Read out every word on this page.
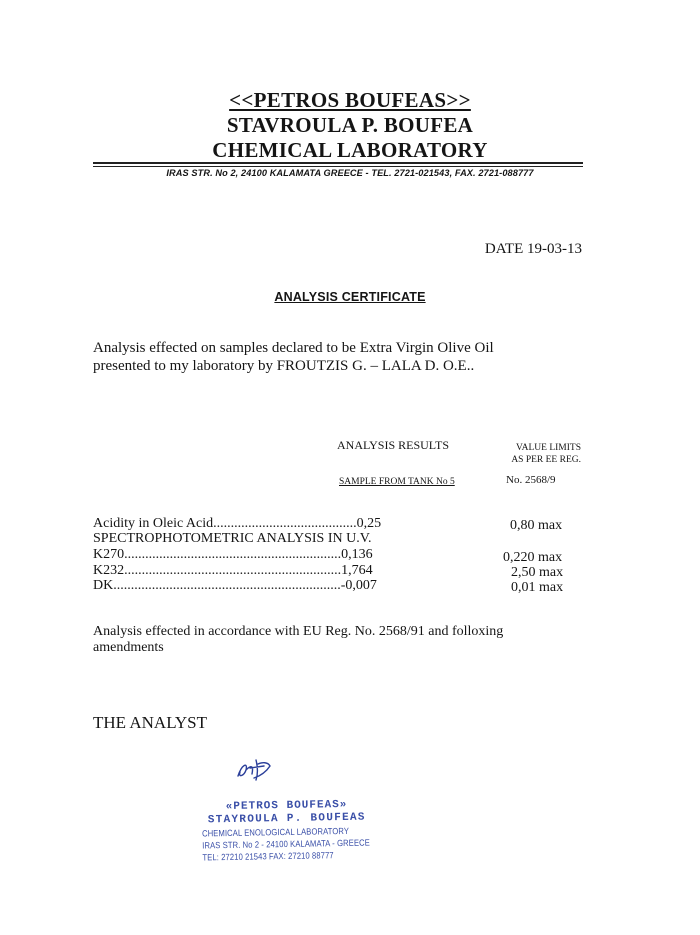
<<PETROS BOUFEAS>>
STAVROULA P. BOUFEA
CHEMICAL LABORATORY
IRAS STR. No 2, 24100 KALAMATA GREECE - TEL. 2721-021543, FAX. 2721-088777
DATE 19-03-13
ANALYSIS CERTIFICATE
Analysis effected on samples declared to be Extra Virgin Olive Oil
presented to my laboratory by FROUTZIS G. – LALA D. O.E..
ANALYSIS RESULTS	VALUE LIMITS
AS PER EE REG.
SAMPLE FROM TANK No 5	No. 2568/9
Acidity in Oleic Acid.........................................0,25	0,80 max
SPECTROPHOTOMETRIC ANALYSIS IN U.V.
K270..............................................................0,136	0,220 max
K232..............................................................1,764	2,50 max
DK.................................................................-0,007	0,01 max
Analysis effected in accordance with EU Reg. No. 2568/91 and folloxing
amendments
THE ANALYST
«PETROS BOUFEAS»
STAYROULA P. BOUFEAS
CHEMICAL ENOLOGICAL LABORATORY
IRAS STR. No 2 - 24100 KALAMATA - GREECE
TEL: 27210 21543 FAX: 27210 88777
